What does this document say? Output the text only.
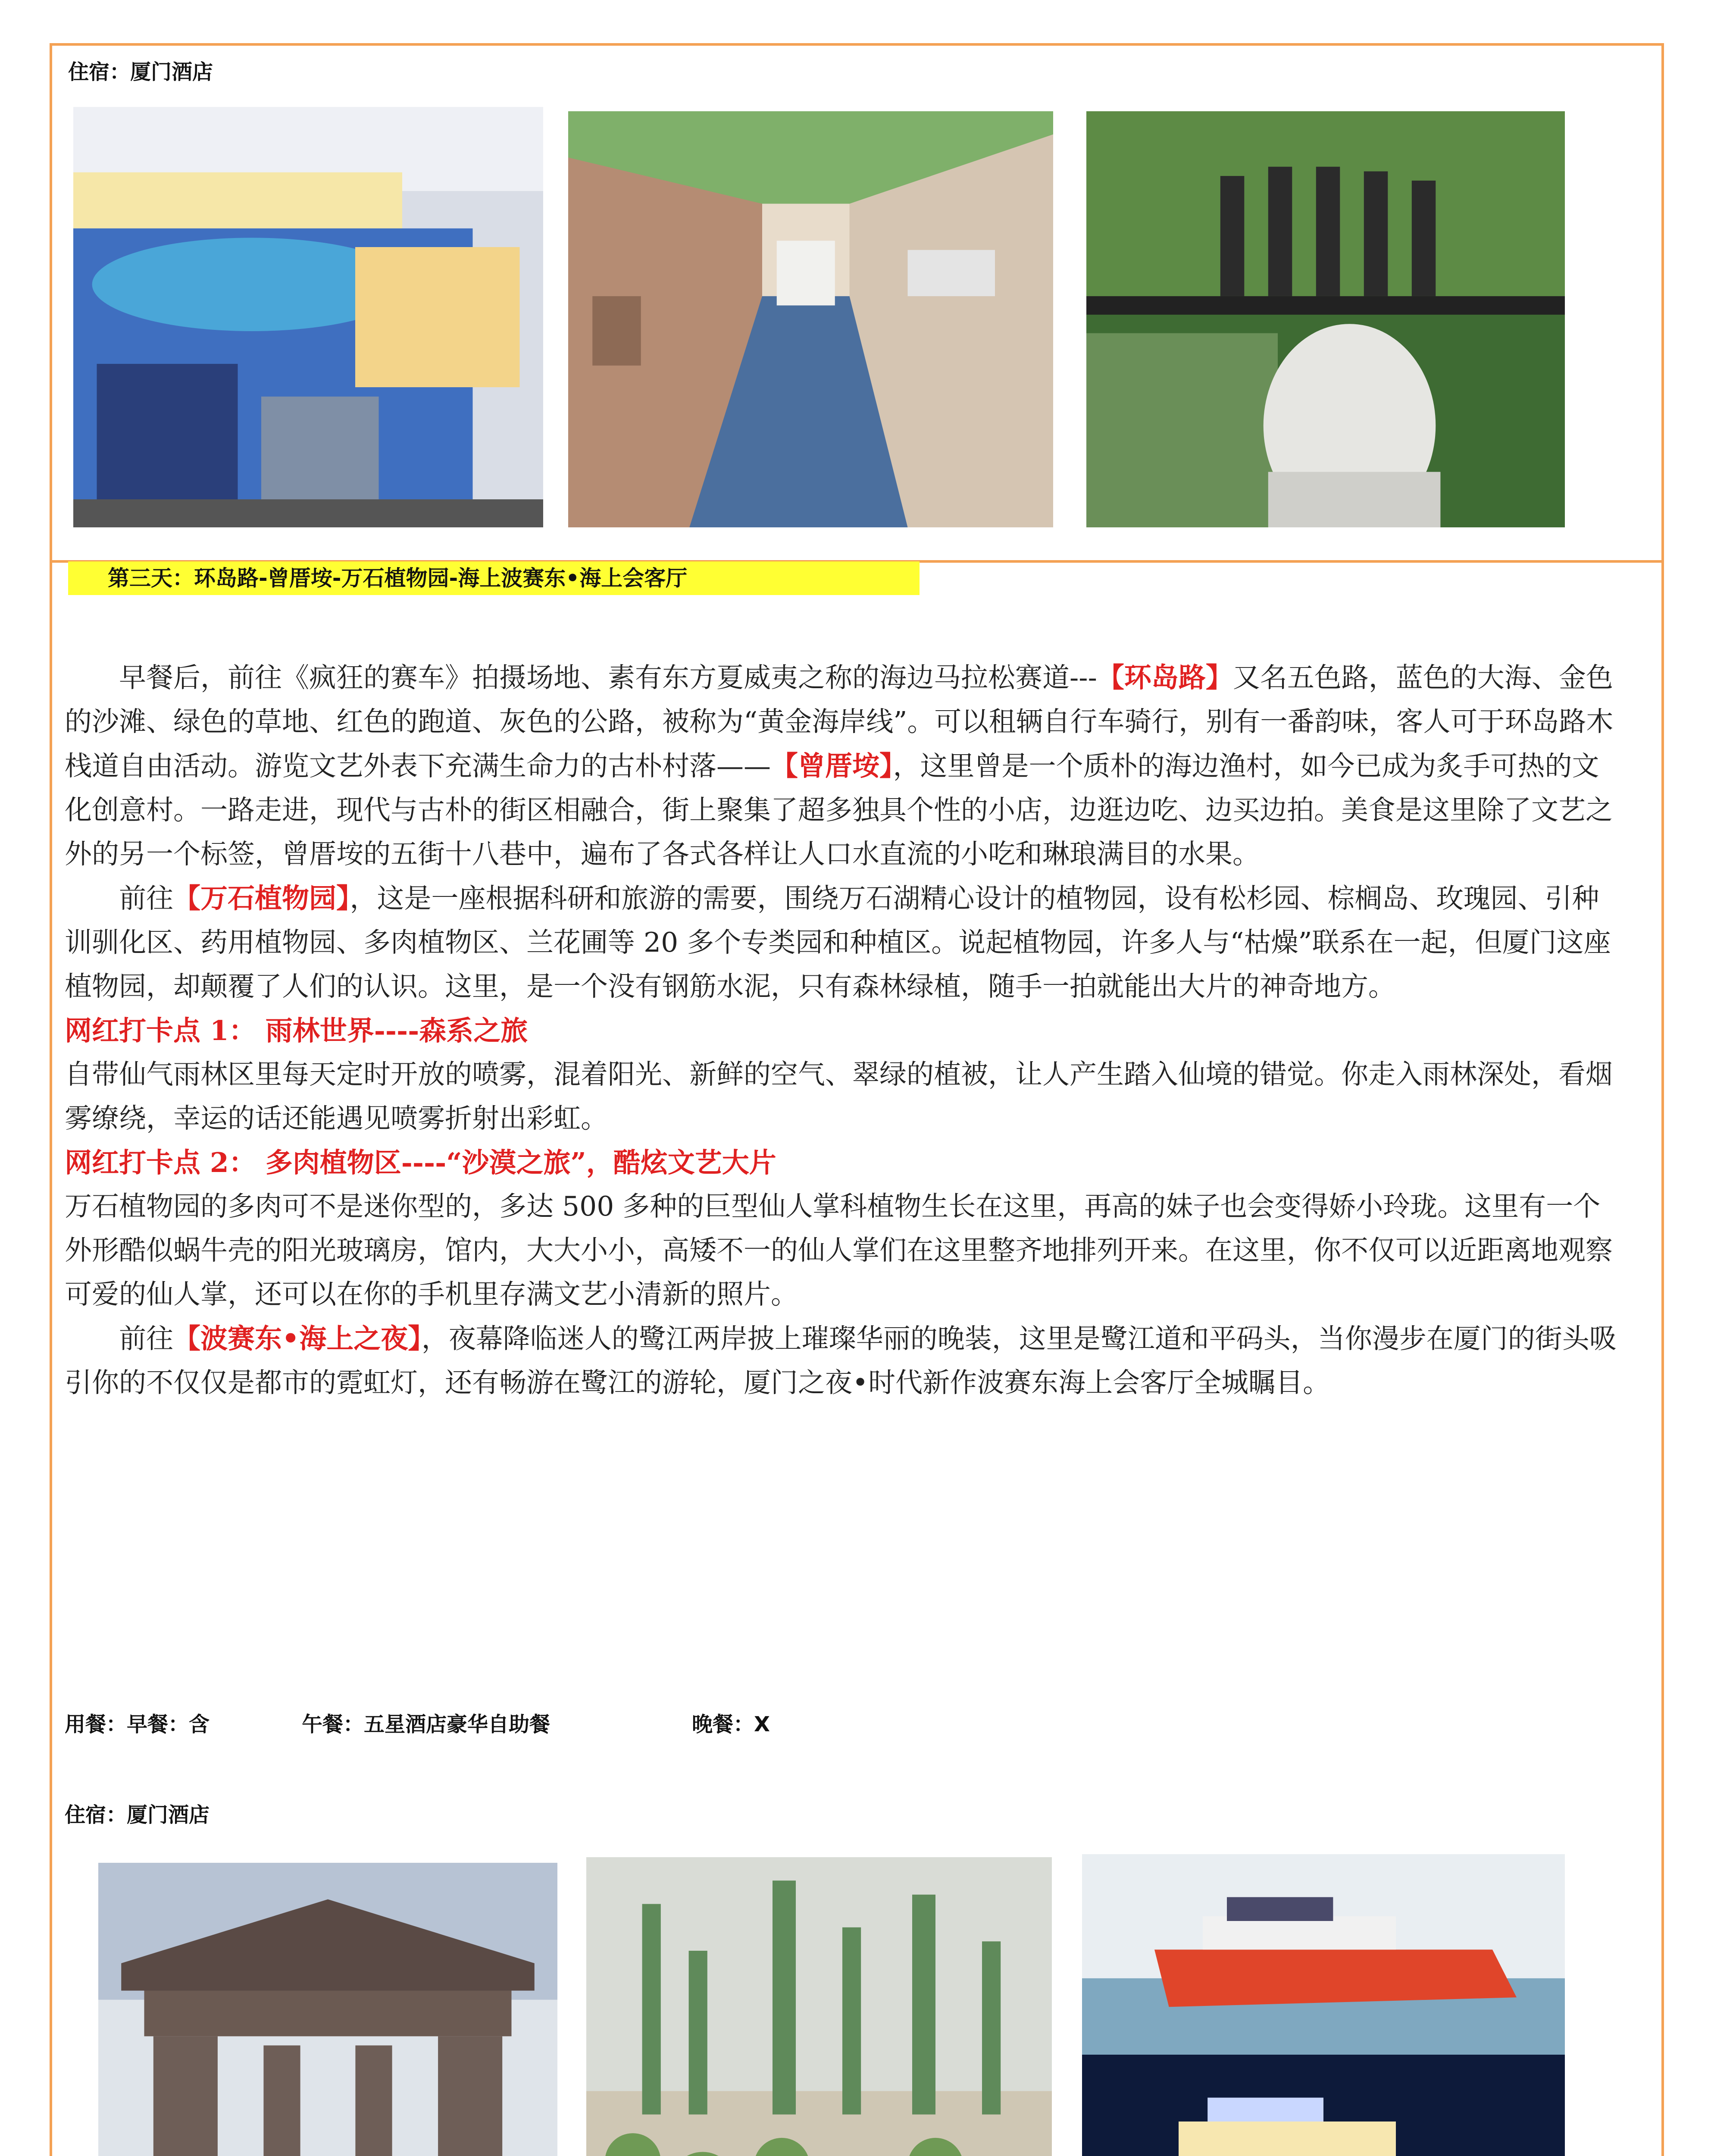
住宿：厦门酒店
第三天：环岛路-曾厝垵-万石植物园-海上波赛东•海上会客厅

早餐后，前往《疯狂的赛车》拍摄场地、素有东方夏威夷之称的海边马拉松赛道---【环岛路】又名五色路，蓝色的大海、金色的沙滩、绿色的草地、红色的跑道、灰色的公路，被称为“黄金海岸线”。可以租辆自行车骑行，别有一番韵味，客人可于环岛路木栈道自由活动。游览文艺外表下充满生命力的古朴村落——【曾厝垵】，这里曾是一个质朴的海边渔村，如今已成为炙手可热的文化创意村。一路走进，现代与古朴的街区相融合，街上聚集了超多独具个性的小店，边逛边吃、边买边拍。美食是这里除了文艺之外的另一个标签，曾厝垵的五街十八巷中，遍布了各式各样让人口水直流的小吃和琳琅满目的水果。

前往【万石植物园】，这是一座根据科研和旅游的需要，围绕万石湖精心设计的植物园，设有松杉园、棕榈岛、玫瑰园、引种训驯化区、药用植物园、多肉植物区、兰花圃等 20 多个专类园和种植区。说起植物园，许多人与“枯燥”联系在一起，但厦门这座植物园，却颠覆了人们的认识。这里，是一个没有钢筋水泥，只有森林绿植，随手一拍就能出大片的神奇地方。

网红打卡点 1： 雨林世界----森系之旅

自带仙气雨林区里每天定时开放的喷雾，混着阳光、新鲜的空气、翠绿的植被，让人产生踏入仙境的错觉。你走入雨林深处，看烟雾缭绕，幸运的话还能遇见喷雾折射出彩虹。

网红打卡点 2： 多肉植物区----“沙漠之旅”，酷炫文艺大片

万石植物园的多肉可不是迷你型的，多达 500 多种的巨型仙人掌科植物生长在这里，再高的妹子也会变得娇小玲珑。这里有一个外形酷似蜗牛壳的阳光玻璃房，馆内，大大小小，高矮不一的仙人掌们在这里整齐地排列开来。在这里，你不仅可以近距离地观察可爱的仙人掌，还可以在你的手机里存满文艺小清新的照片。

前往【波赛东•海上之夜】，夜幕降临迷人的鹭江两岸披上璀璨华丽的晚装，这里是鹭江道和平码头，当你漫步在厦门的街头吸引你的不仅仅是都市的霓虹灯，还有畅游在鹭江的游轮，厦门之夜•时代新作波赛东海上会客厅全城瞩目。

用餐：早餐：含	午餐：五星酒店豪华自助餐	晚餐：X
住宿：厦门酒店
